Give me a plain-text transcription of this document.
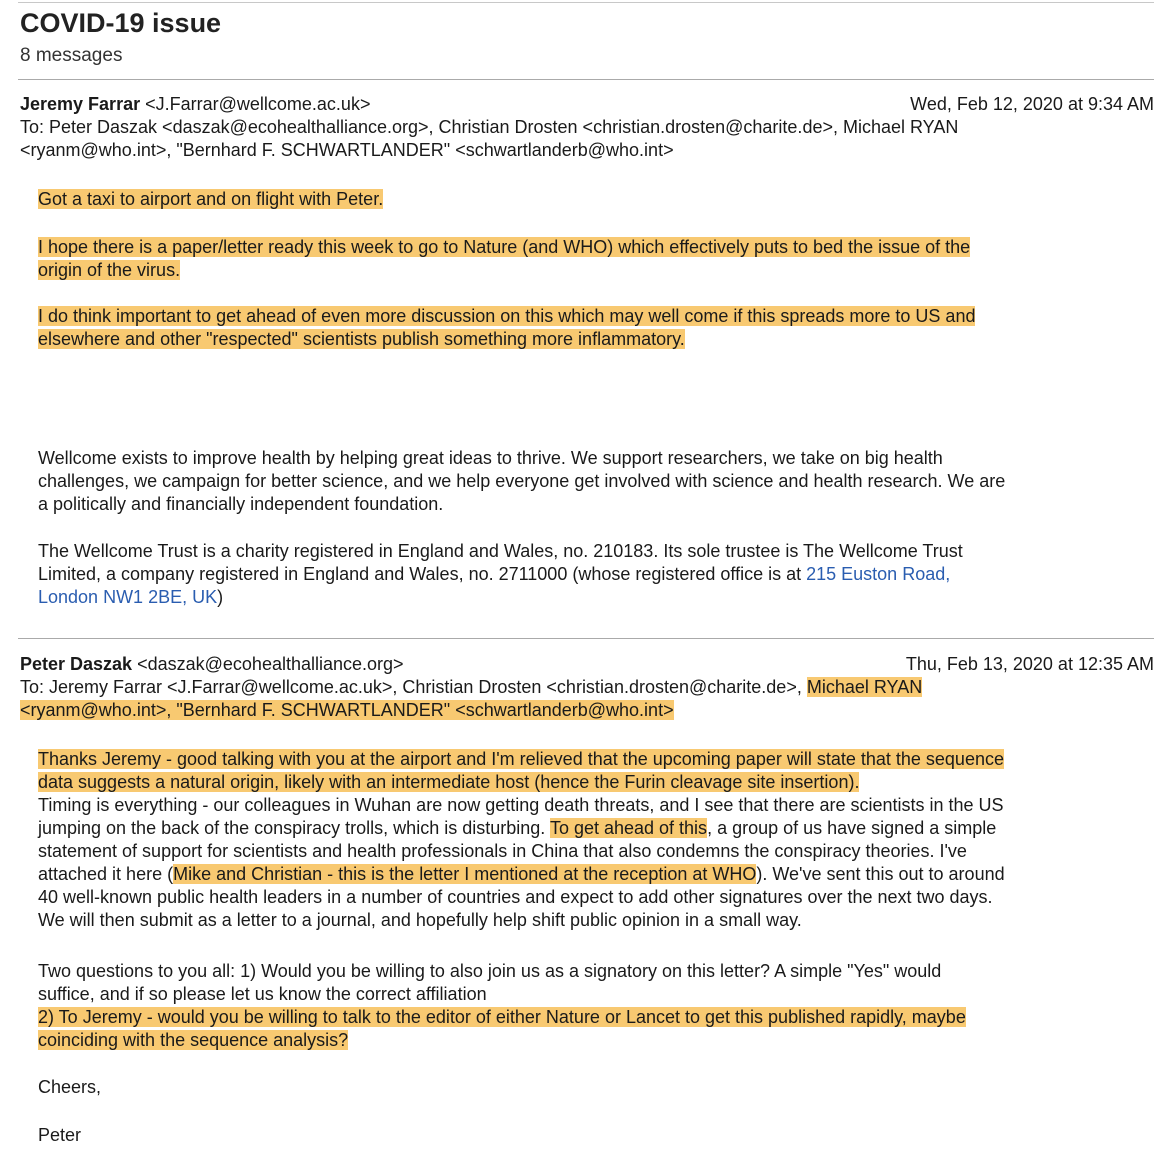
COVID-19 issue
8 messages
Jeremy Farrar <J.Farrar@wellcome.ac.uk>	Wed, Feb 12, 2020 at 9:34 AM
To: Peter Daszak <daszak@ecohealthalliance.org>, Christian Drosten <christian.drosten@charite.de>, Michael RYAN
<ryanm@who.int>, "Bernhard F. SCHWARTLANDER" <schwartlanderb@who.int>

Got a taxi to airport and on flight with Peter.

I hope there is a paper/letter ready this week to go to Nature (and WHO) which effectively puts to bed the issue of the

origin of the virus.

I do think important to get ahead of even more discussion on this which may well come if this spreads more to US and

elsewhere and other "respected" scientists publish something more inflammatory.

Wellcome exists to improve health by helping great ideas to thrive. We support researchers, we take on big health

challenges, we campaign for better science, and we help everyone get involved with science and health research. We are

a politically and financially independent foundation.

The Wellcome Trust is a charity registered in England and Wales, no. 210183. Its sole trustee is The Wellcome Trust

Limited, a company registered in England and Wales, no. 2711000 (whose registered office is at 215 Euston Road,

London NW1 2BE, UK)

Peter Daszak <daszak@ecohealthalliance.org>	Thu, Feb 13, 2020 at 12:35 AM
To: Jeremy Farrar <J.Farrar@wellcome.ac.uk>, Christian Drosten <christian.drosten@charite.de>, Michael RYAN
<ryanm@who.int>, "Bernhard F. SCHWARTLANDER" <schwartlanderb@who.int>

Thanks Jeremy - good talking with you at the airport and I'm relieved that the upcoming paper will state that the sequence

data suggests a natural origin, likely with an intermediate host (hence the Furin cleavage site insertion).

Timing is everything - our colleagues in Wuhan are now getting death threats, and I see that there are scientists in the US

jumping on the back of the conspiracy trolls, which is disturbing. To get ahead of this, a group of us have signed a simple

statement of support for scientists and health professionals in China that also condemns the conspiracy theories. I've

attached it here (Mike and Christian - this is the letter I mentioned at the reception at WHO). We've sent this out to around

40 well-known public health leaders in a number of countries and expect to add other signatures over the next two days.

We will then submit as a letter to a journal, and hopefully help shift public opinion in a small way.

Two questions to you all: 1) Would you be willing to also join us as a signatory on this letter? A simple "Yes" would

suffice, and if so please let us know the correct affiliation

2) To Jeremy - would you be willing to talk to the editor of either Nature or Lancet to get this published rapidly, maybe

coinciding with the sequence analysis?

Cheers,
Peter
